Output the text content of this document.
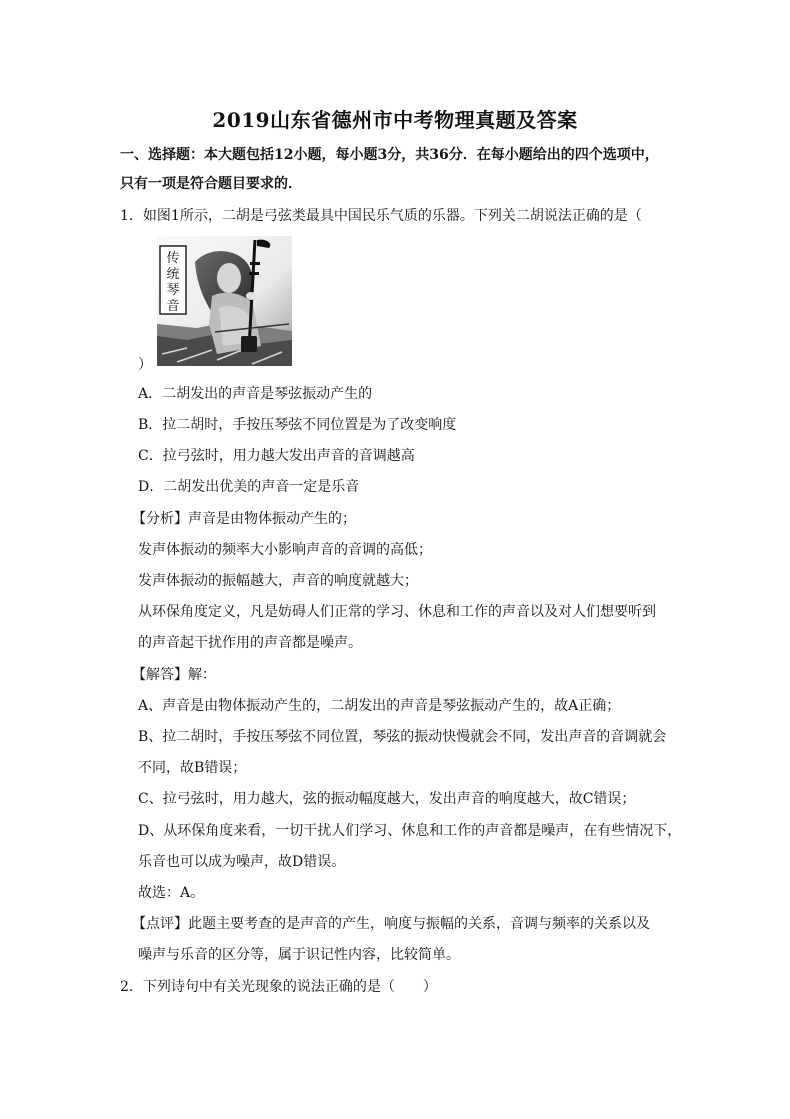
2019山东省德州市中考物理真题及答案
一、选择题：本大题包括12小题，每小题3分，共36分．在每小题给出的四个选项中，
只有一项是符合题目要求的．
1．如图1所示，二胡是弓弦类最具中国民乐气质的乐器。下列关二胡说法正确的是（
传
统
琴
音
）
A．二胡发出的声音是琴弦振动产生的
B．拉二胡时，手按压琴弦不同位置是为了改变响度
C．拉弓弦时，用力越大发出声音的音调越高
D．二胡发出优美的声音一定是乐音
【分析】声音是由物体振动产生的；
发声体振动的频率大小影响声音的音调的高低；
发声体振动的振幅越大，声音的响度就越大；
从环保角度定义，凡是妨碍人们正常的学习、休息和工作的声音以及对人们想要听到
的声音起干扰作用的声音都是噪声。
【解答】解：
A、声音是由物体振动产生的，二胡发出的声音是琴弦振动产生的，故A正确；
B、拉二胡时，手按压琴弦不同位置，琴弦的振动快慢就会不同，发出声音的音调就会
不同，故B错误；
C、拉弓弦时，用力越大，弦的振动幅度越大，发出声音的响度越大，故C错误；
D、从环保角度来看，一切干扰人们学习、休息和工作的声音都是噪声，在有些情况下，
乐音也可以成为噪声，故D错误。
故选：A。
【点评】此题主要考查的是声音的产生，响度与振幅的关系，音调与频率的关系以及
噪声与乐音的区分等，属于识记性内容，比较简单。
2．下列诗句中有关光现象的说法正确的是（　　）
